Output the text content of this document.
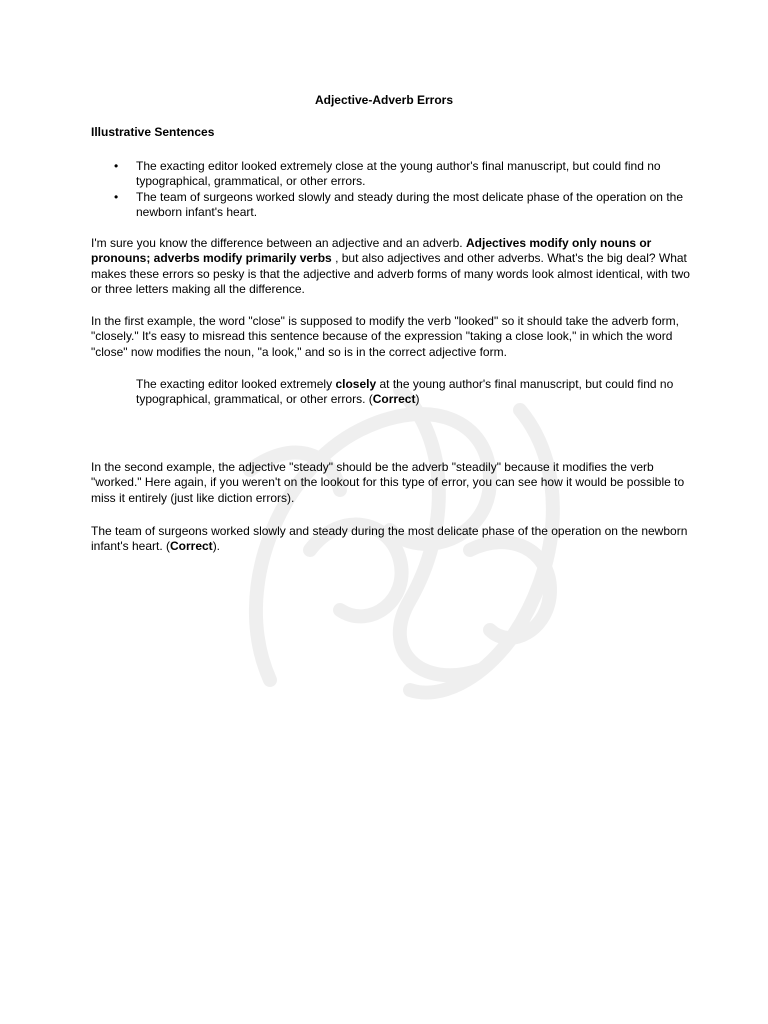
Adjective-Adverb Errors
Illustrative Sentences
• The exacting editor looked extremely close at the young author's final manuscript, but could find no typographical, grammatical, or other errors.
• The team of surgeons worked slowly and steady during the most delicate phase of the operation on the newborn infant's heart.

I'm sure you know the difference between an adjective and an adverb. Adjectives modify only nouns or pronouns; adverbs modify primarily verbs , but also adjectives and other adverbs. What's the big deal? What makes these errors so pesky is that the adjective and adverb forms of many words look almost identical, with two or three letters making all the difference.

In the first example, the word "close" is supposed to modify the verb "looked" so it should take the adverb form, "closely." It's easy to misread this sentence because of the expression "taking a close look," in which the word "close" now modifies the noun, "a look," and so is in the correct adjective form.

The exacting editor looked extremely closely at the young author's final manuscript, but could find no typographical, grammatical, or other errors. (Correct)

In the second example, the adjective "steady" should be the adverb "steadily" because it modifies the verb "worked." Here again, if you weren't on the lookout for this type of error, you can see how it would be possible to miss it entirely (just like diction errors).

The team of surgeons worked slowly and steady during the most delicate phase of the operation on the newborn infant's heart. (Correct).
